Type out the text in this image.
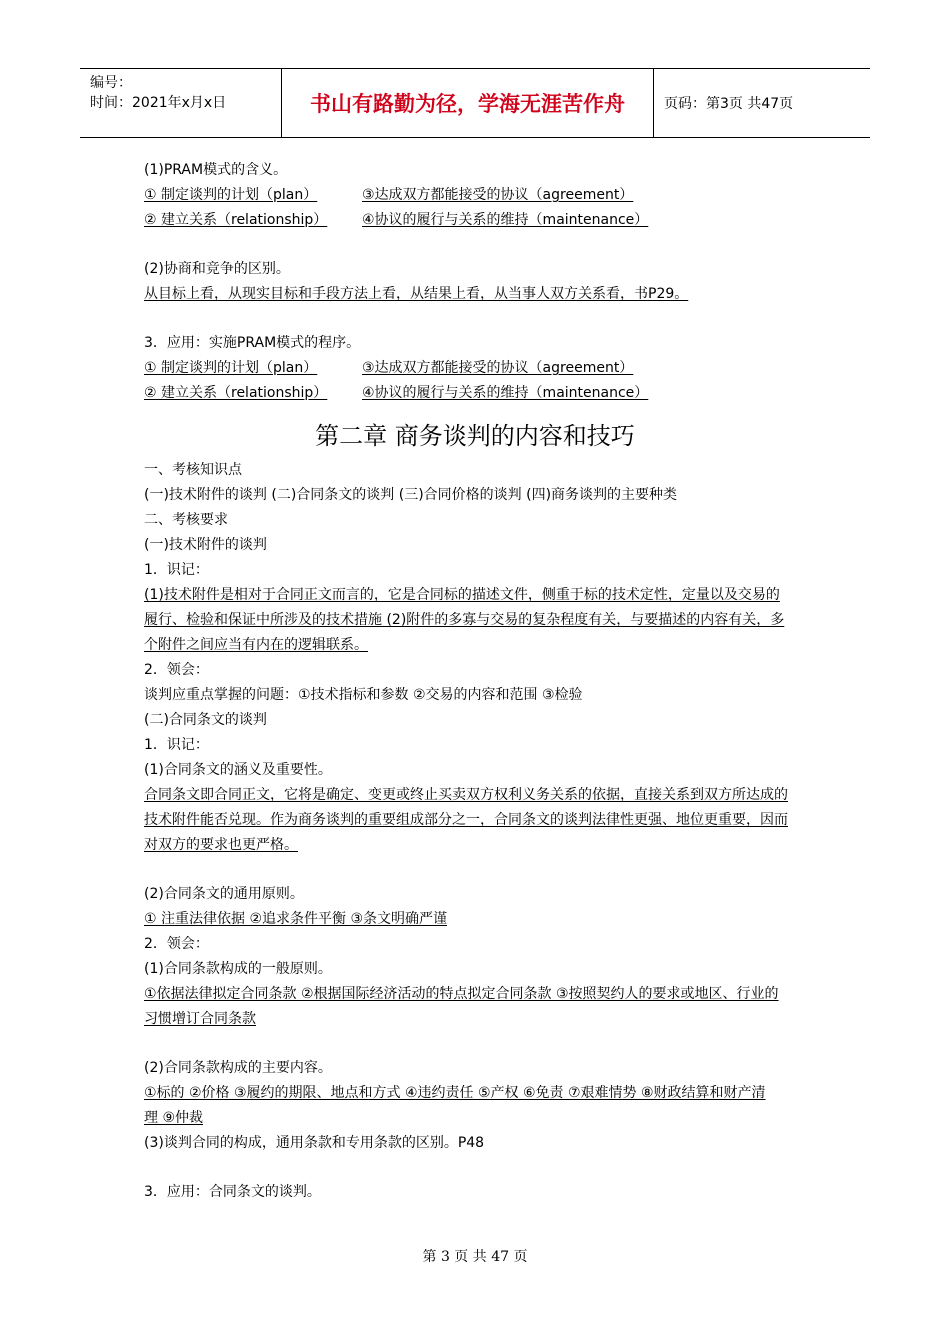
编号：
时间：2021年x月x日	书山有路勤为径，学海无涯苦作舟	页码：第3页 共47页
(1)PRAM模式的含义。
① 制定谈判的计划（plan）	③达成双方都能接受的协议（agreement）
② 建立关系（relationship）	④协议的履行与关系的维持（maintenance）
(2)协商和竞争的区别。
从目标上看，从现实目标和手段方法上看，从结果上看，从当事人双方关系看，书P29。
3．应用：实施PRAM模式的程序。
① 制定谈判的计划（plan）	③达成双方都能接受的协议（agreement）
② 建立关系（relationship）	④协议的履行与关系的维持（maintenance）
第二章 商务谈判的内容和技巧
一、考核知识点
(一)技术附件的谈判 (二)合同条文的谈判 (三)合同价格的谈判 (四)商务谈判的主要种类
二、考核要求
(一)技术附件的谈判
1．识记：
(1)技术附件是相对于合同正文而言的，它是合同标的描述文件，侧重于标的技术定性，定量以及交易的
履行、检验和保证中所涉及的技术措施 (2)附件的多寡与交易的复杂程度有关，与要描述的内容有关，多
个附件之间应当有内在的逻辑联系。
2．领会：
谈判应重点掌握的问题：①技术指标和参数 ②交易的内容和范围 ③检验
(二)合同条文的谈判
1．识记：
(1)合同条文的涵义及重要性。
合同条文即合同正文，它将是确定、变更或终止买卖双方权利义务关系的依据，直接关系到双方所达成的
技术附件能否兑现。作为商务谈判的重要组成部分之一，合同条文的谈判法律性更强、地位更重要，因而
对双方的要求也更严格。
(2)合同条文的通用原则。
① 注重法律依据 ②追求条件平衡 ③条文明确严谨
2．领会：
(1)合同条款构成的一般原则。
①依据法律拟定合同条款 ②根据国际经济活动的特点拟定合同条款 ③按照契约人的要求或地区、行业的
习惯增订合同条款
(2)合同条款构成的主要内容。
①标的 ②价格 ③履约的期限、地点和方式 ④违约责任 ⑤产权 ⑥免责 ⑦艰难情势 ⑧财政结算和财产清
理 ⑨仲裁
(3)谈判合同的构成，通用条款和专用条款的区别。P48
3．应用：合同条文的谈判。
第 3 页 共 47 页
